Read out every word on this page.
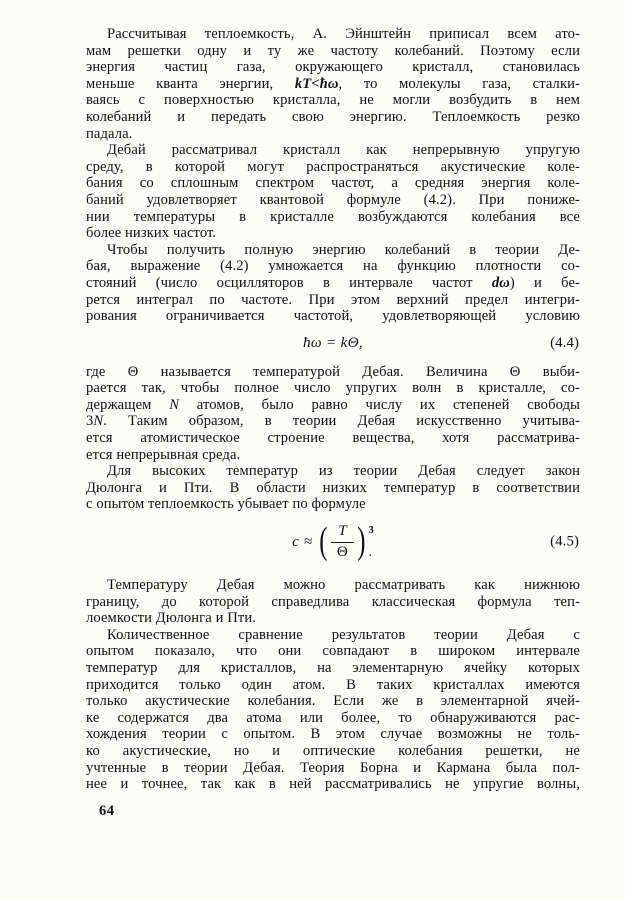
Рассчитывая теплоемкость, А. Эйнштейн приписал всем ато-
мам решетки одну и ту же частоту колебаний. Поэтому если
энергия частиц газа, окружающего кристалл, становилась
меньше кванта энергии, kT<ħω, то молекулы газа, сталки-
ваясь с поверхностью кристалла, не могли возбудить в нем
колебаний и передать свою энергию. Теплоемкость резко
падала.
Дебай рассматривал кристалл как непрерывную упругую
среду, в которой могут распространяться акустические коле-
бания со сплошным спектром частот, а средняя энергия коле-
баний удовлетворяет квантовой формуле (4.2). При пониже-
нии температуры в кристалле возбуждаются колебания все
более низких частот.
Чтобы получить полную энергию колебаний в теории Де-
бая, выражение (4.2) умножается на функцию плотности со-
стояний (число осцилляторов в интервале частот dω) и бе-
рется интеграл по частоте. При этом верхний предел интегри-
рования ограничивается частотой, удовлетворяющей условию
ħω = kΘ,	(4.4)
где Θ называется температурой Дебая. Величина Θ выби-
рается так, чтобы полное число упругих волн в кристалле, со-
держащем N атомов, было равно числу их степеней свободы
3N. Таким образом, в теории Дебая искусственно учитыва-
ется атомистическое строение вещества, хотя рассматрива-
ется непрерывная среда.
Для высоких температур из теории Дебая следует закон
Дюлонга и Пти. В области низких температур в соответствии
с опытом теплоемкость убывает по формуле
c ≈ ( $\frac{T}{\Theta}$ ) 3
.
(4.5)
Температуру Дебая можно рассматривать как нижнюю
границу, до которой справедлива классическая формула теп-
лоемкости Дюлонга и Пти.
Количественное сравнение результатов теории Дебая с
опытом показало, что они совпадают в широком интервале
температур для кристаллов, на элементарную ячейку которых
приходится только один атом. В таких кристаллах имеются
только акустические колебания. Если же в элементарной ячей-
ке содержатся два атома или более, то обнаруживаются рас-
хождения теории с опытом. В этом случае возможны не толь-
ко акустические, но и оптические колебания решетки, не
учтенные в теории Дебая. Теория Борна и Кармана была пол-
нее и точнее, так как в ней рассматривались не упругие волны,
64
